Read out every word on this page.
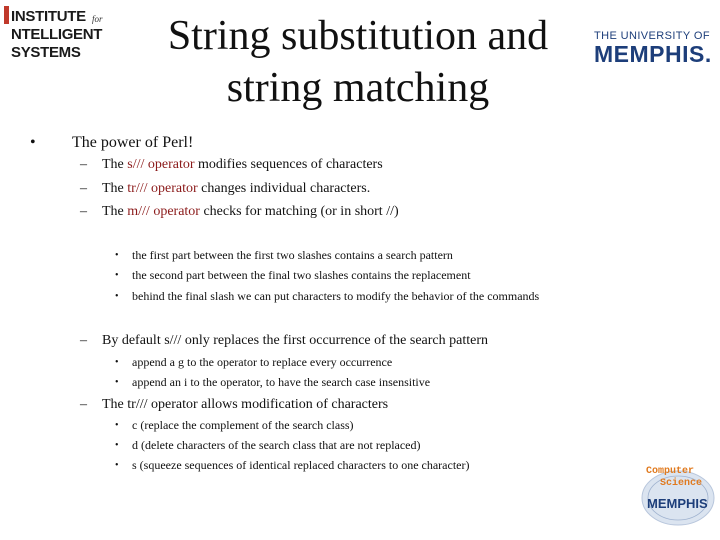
INSTITUTE for
NTELLIGENT
SYSTEMS	String substitution and
string matching
THE UNIVERSITY OF
MEMPHIS.
• The power of Perl!
– The s/// operator modifies sequences of characters
– The tr/// operator changes individual characters.
– The m/// operator checks for matching (or in short //)
• the first part between the first two slashes contains a search pattern
• the second part between the final two slashes contains the replacement
• behind the final slash we can put characters to modify the behavior of the commands
– By default s/// only replaces the first occurrence of the search pattern
• append a g to the operator to replace every occurrence
• append an i to the operator, to have the search case insensitive
– The tr/// operator allows modification of characters
• c (replace the complement of the search class)
• d (delete characters of the search class that are not replaced)
• s (squeeze sequences of identical replaced characters to one character)	Computer
Science
MEMPHIS
